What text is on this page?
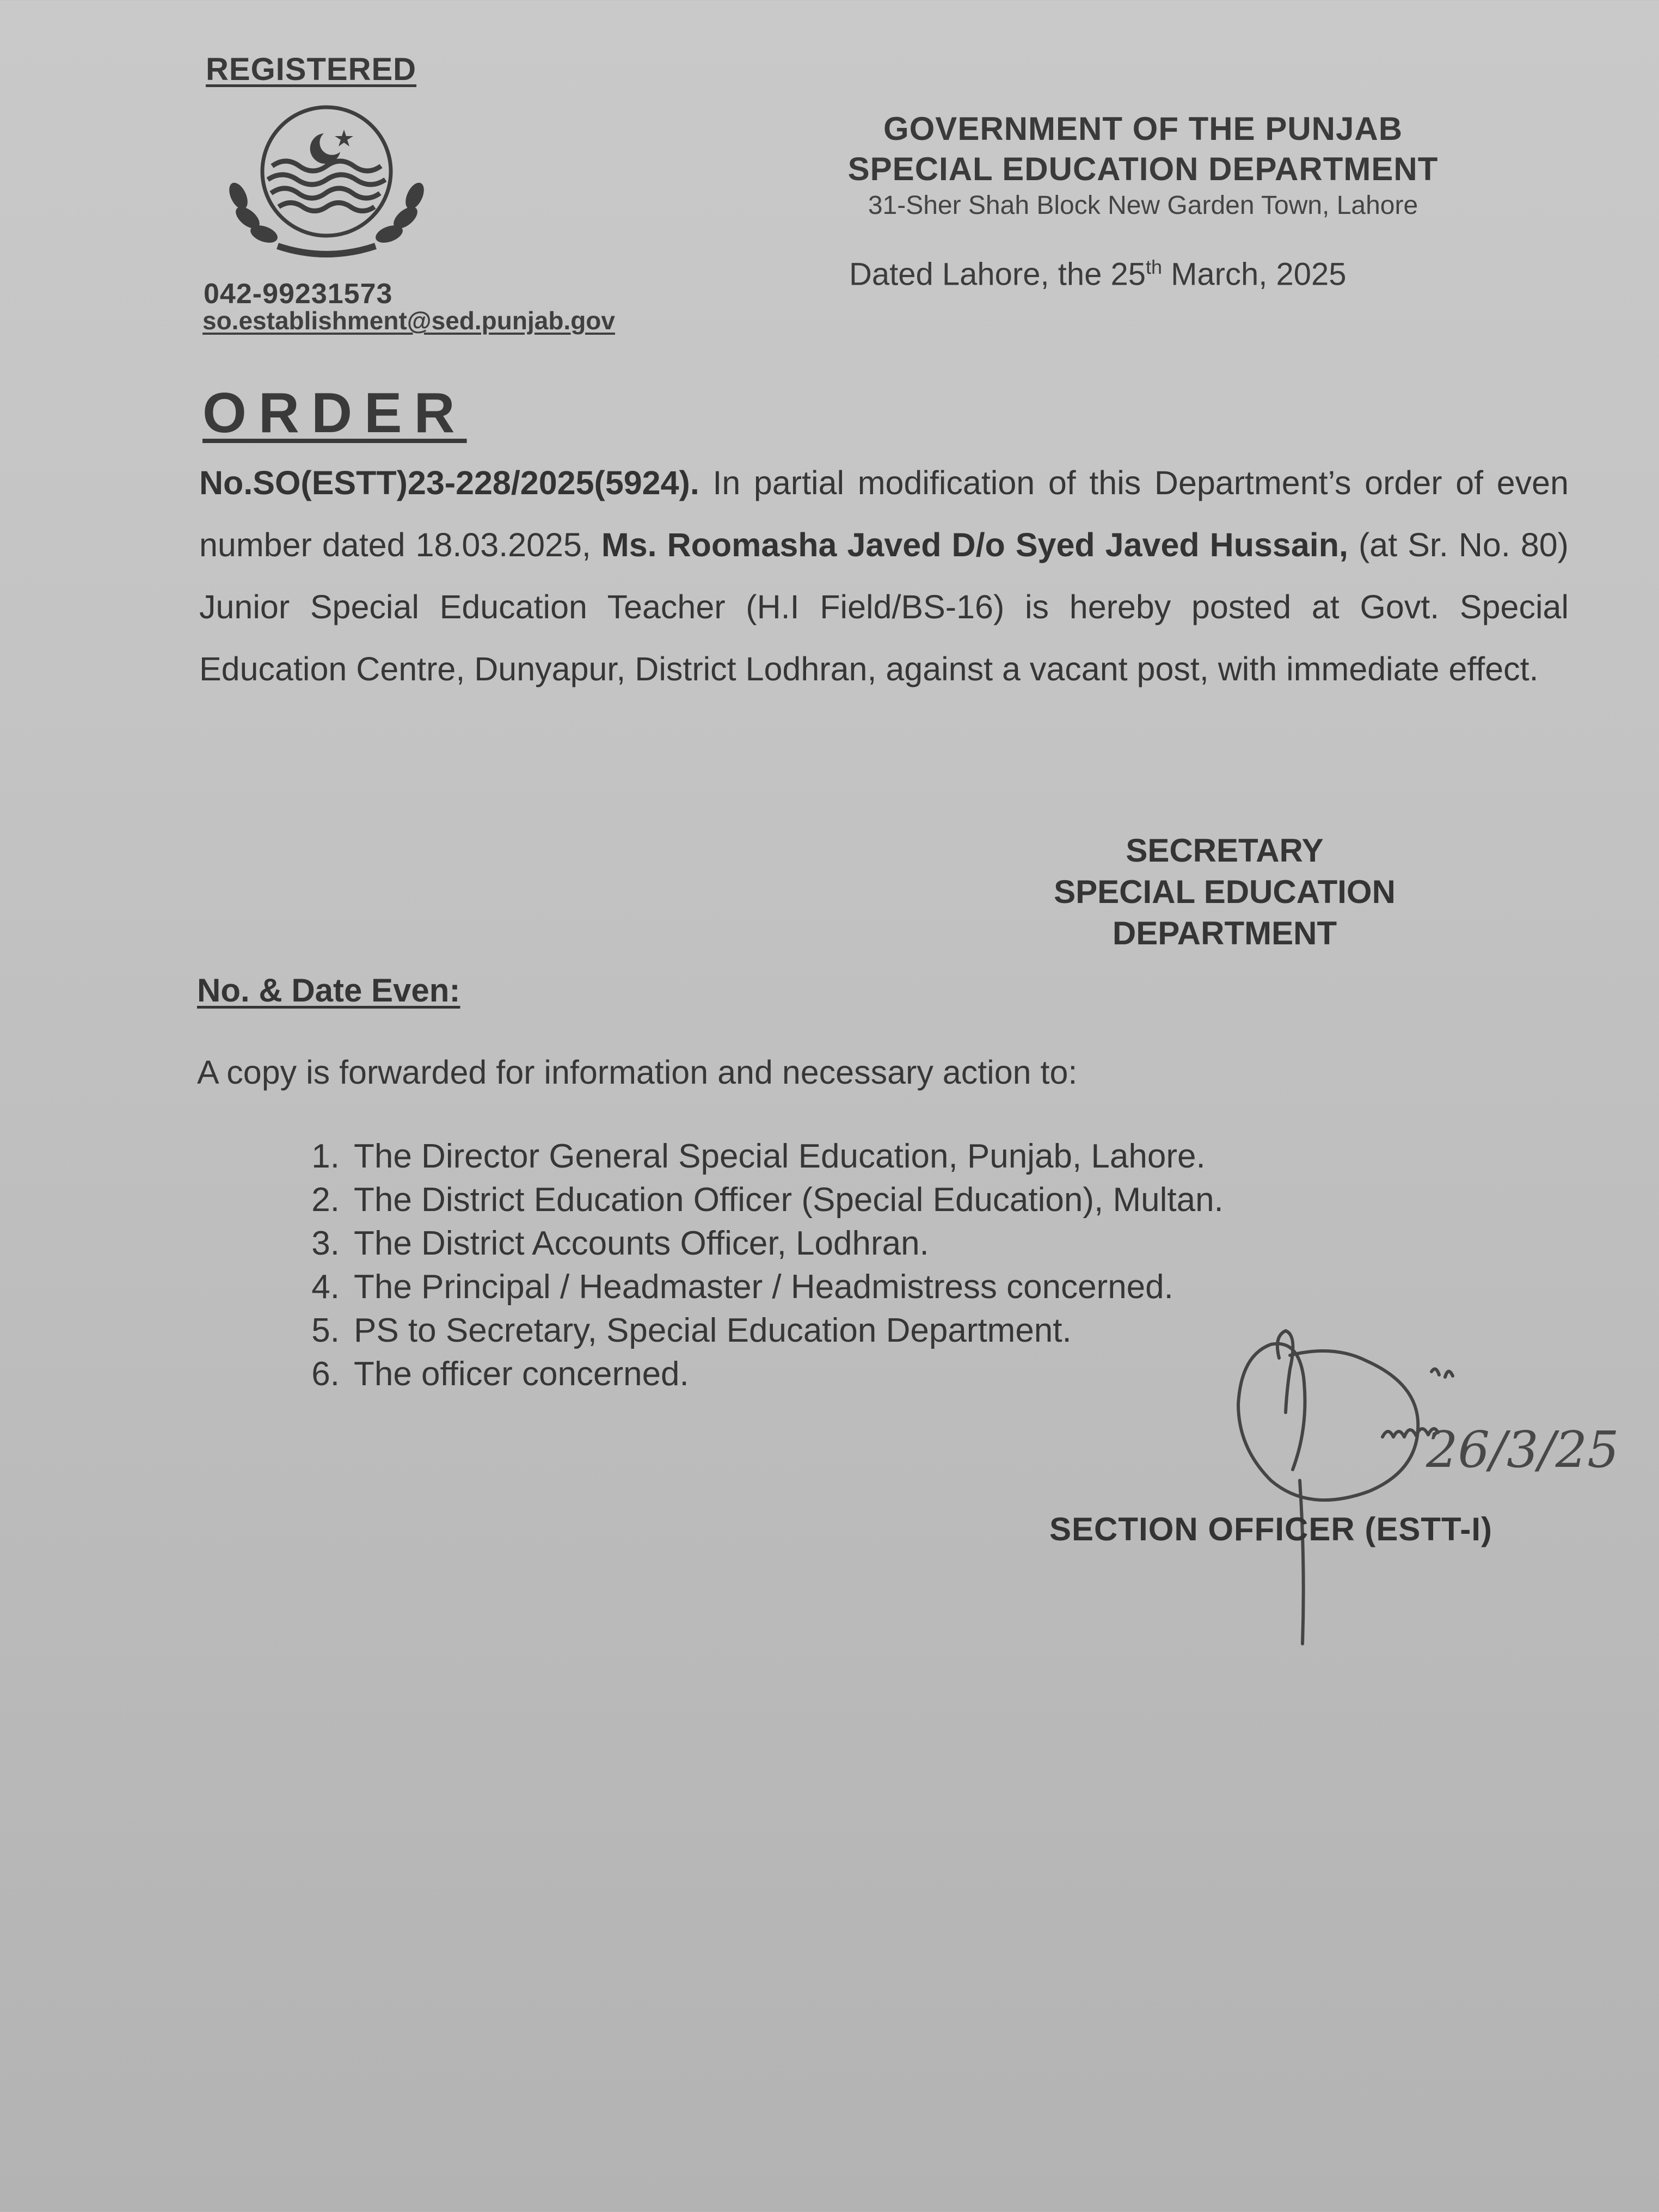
REGISTERED
042-99231573
so.establishment@sed.punjab.gov
GOVERNMENT OF THE PUNJAB
SPECIAL EDUCATION DEPARTMENT
31-Sher Shah Block New Garden Town, Lahore
Dated Lahore, the 25th March, 2025
ORDER
No.SO(ESTT)23-228/2025(5924). In partial modification of this Department’s order of even number dated 18.03.2025, Ms. Roomasha Javed D/o Syed Javed Hussain, (at Sr. No. 80) Junior Special Education Teacher (H.I Field/BS-16) is hereby posted at Govt. Special Education Centre, Dunyapur, District Lodhran, against a vacant post, with immediate effect.
SECRETARY
SPECIAL EDUCATION
DEPARTMENT
No. & Date Even:
A copy is forwarded for information and necessary action to:
1. The Director General Special Education, Punjab, Lahore.
2. The District Education Officer (Special Education), Multan.
3. The District Accounts Officer, Lodhran.
4. The Principal / Headmaster / Headmistress concerned.
5. PS to Secretary, Special Education Department.
6. The officer concerned.
26/3/25
SECTION OFFICER (ESTT-I)
